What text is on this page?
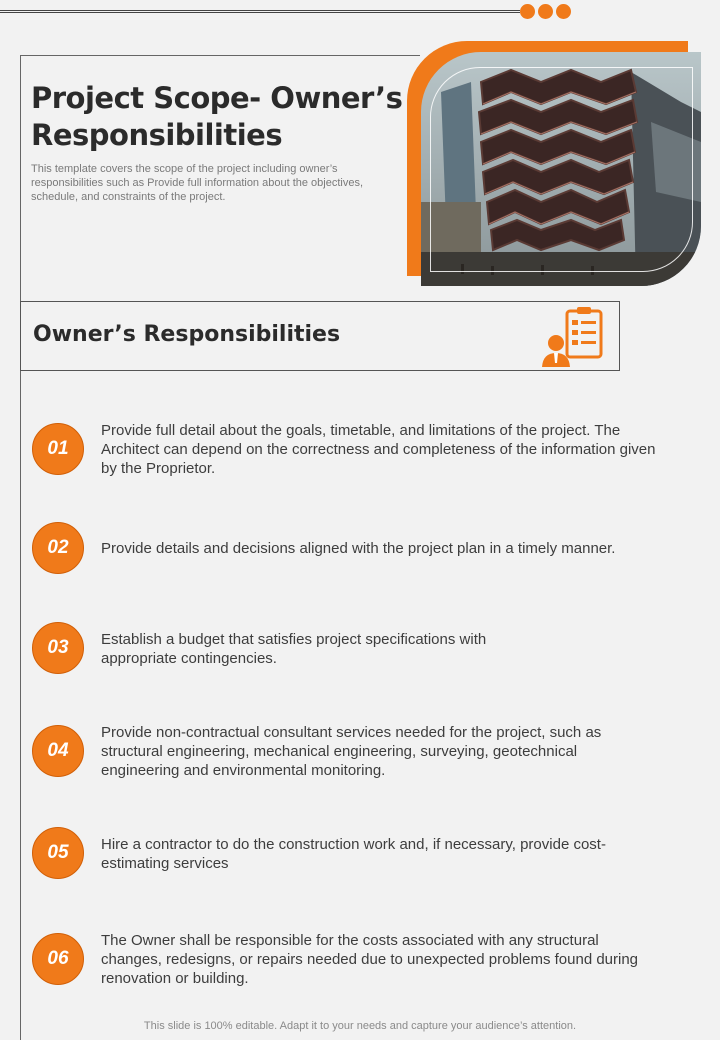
Project Scope- Owner’s Responsibilities

This template covers the scope of the project including owner’s responsibilities such as Provide full information about the objectives, schedule, and constraints of the project.

Owner’s Responsibilities
01

Provide full detail about the goals, timetable, and limitations of the project. The Architect can depend on the correctness and completeness of the information given by the Proprietor.

02	Provide details and decisions aligned with the project plan in a timely manner.

03	Establish a budget that satisfies project specifications with appropriate contingencies.

04

Provide non-contractual consultant services needed for the project, such as structural engineering, mechanical engineering, surveying, geotechnical engineering and environmental monitoring.

05	Hire a contractor to do the construction work and, if necessary, provide cost-estimating services

06

The Owner shall be responsible for the costs associated with any structural changes, redesigns, or repairs needed due to unexpected problems found during renovation or building.

This slide is 100% editable. Adapt it to your needs and capture your audience’s attention.
